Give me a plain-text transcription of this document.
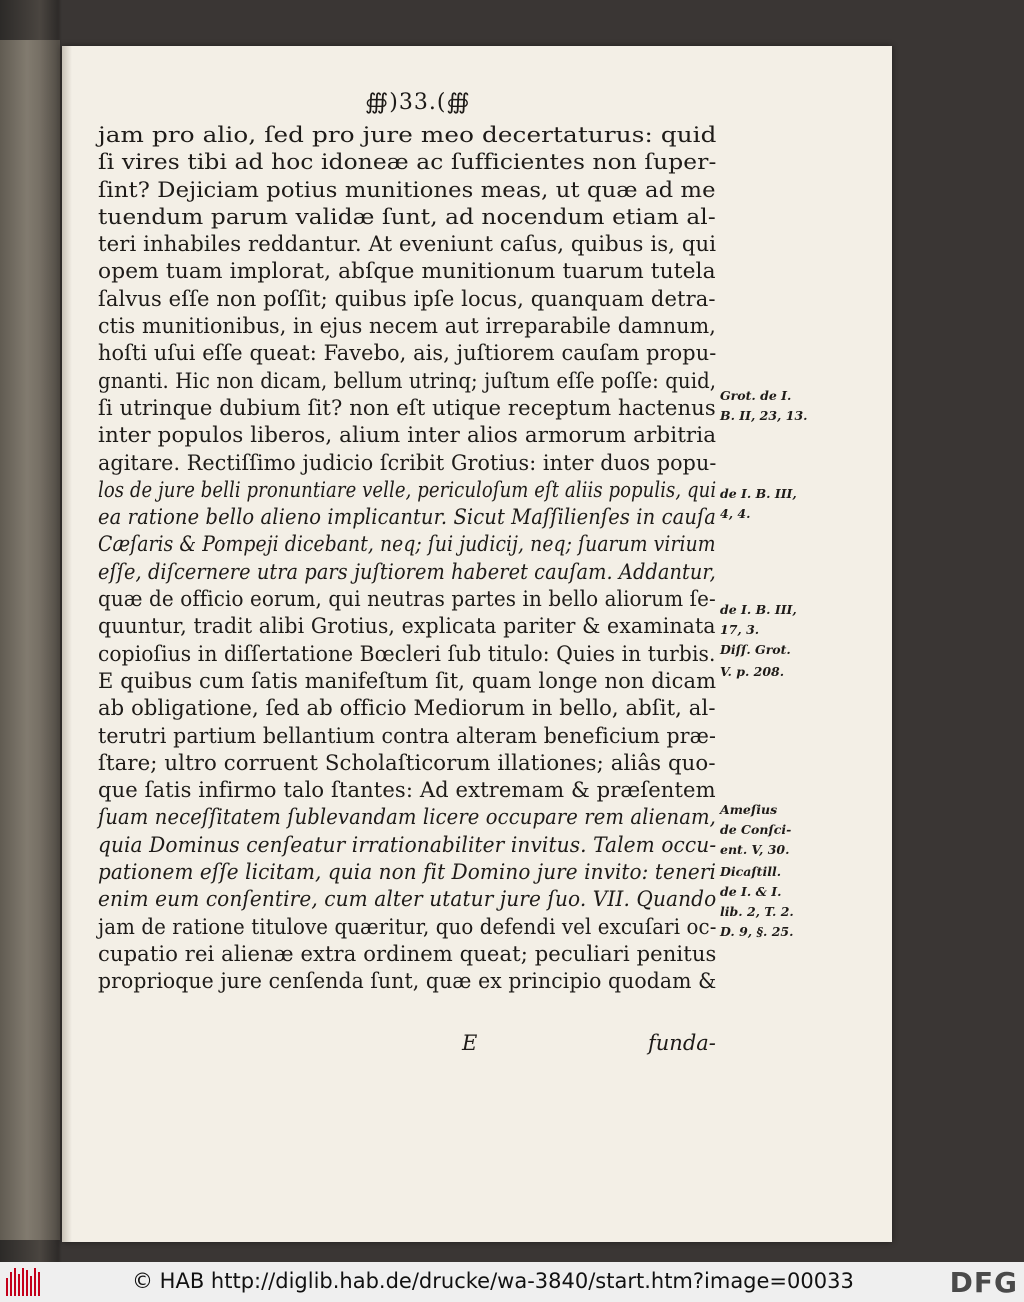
∰)33.(∰
jam pro alio, ſed pro jure meo decertaturus: quid
ſi vires tibi ad hoc idoneæ ac ſufficientes non ſuper-
ſint? Dejiciam potius munitiones meas, ut quæ ad me
tuendum parum validæ ſunt, ad nocendum etiam al-
teri inhabiles reddantur. At eveniunt caſus, quibus is, qui
opem tuam implorat, abſque munitionum tuarum tutela
ſalvus eſſe non poſſit; quibus ipſe locus, quanquam detra-
ctis munitionibus, in ejus necem aut irreparabile damnum,
hoſti uſui eſſe queat: Favebo, ais, juſtiorem cauſam propu-
gnanti. Hic non dicam, bellum utrinq; juſtum eſſe poſſe: quid,
ſi utrinque dubium ſit? non eſt utique receptum hactenus
inter populos liberos, alium inter alios armorum arbitria
agitare. Rectiſſimo judicio ſcribit Grotius: inter duos popu-
los de jure belli pronuntiare velle, periculoſum eſt aliis populis, qui
ea ratione bello alieno implicantur. Sicut Maſſilienſes in cauſa
Cæſaris & Pompeji dicebant, neq; ſui judicij, neq; ſuarum virium
eſſe, diſcernere utra pars juſtiorem haberet cauſam. Addantur,
quæ de officio eorum, qui neutras partes in bello aliorum ſe-
quuntur, tradit alibi Grotius, explicata pariter & examinata
copioſius in diſſertatione Bœcleri ſub titulo: Quies in turbis.
E quibus cum ſatis manifeſtum ſit, quam longe non dicam
ab obligatione, ſed ab officio Mediorum in bello, abſit, al-
terutri partium bellantium contra alteram beneficium præ-
ſtare; ultro corruent Scholaſticorum illationes; aliâs quo-
que ſatis infirmo talo ſtantes: Ad extremam & præſentem
ſuam neceſſitatem ſublevandam licere occupare rem alienam,
quia Dominus cenſeatur irrationabiliter invitus. Talem occu-
pationem eſſe licitam, quia non fit Domino jure invito: teneri
enim eum conſentire, cum alter utatur jure ſuo. VII. Quando
jam de ratione titulove quæritur, quo defendi vel excuſari oc-
cupatio rei alienæ extra ordinem queat; peculiari penitus
proprioque jure cenſenda ſunt, quæ ex principio quodam &
E	funda-
Grot. de I.
B. II, 23, 13.
de I. B. III,
4, 4.
de I. B. III,
17, 3.
Diſſ. Grot.
V. p. 208.
Ameſius
de Conſci-
ent. V, 30.
Dicaſtill.
de I. & I.
lib. 2, T. 2.
D. 9, §. 25.
© HAB http://diglib.hab.de/drucke/wa-3840/start.htm?image=00033	DFG
